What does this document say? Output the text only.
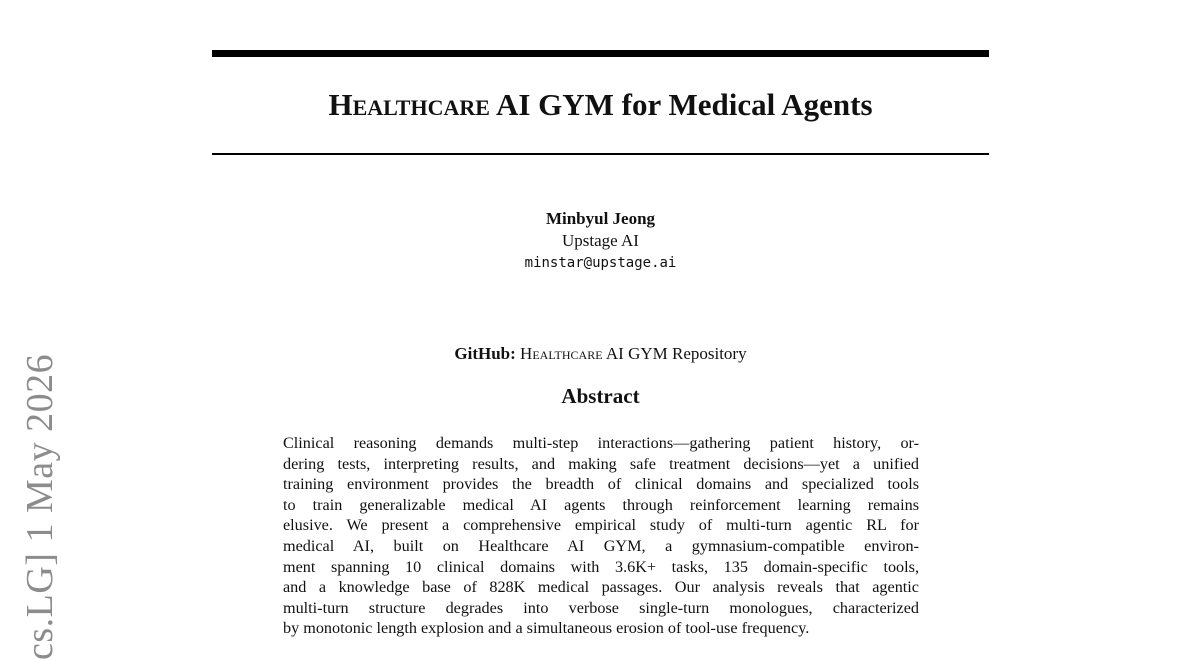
Healthcare AI GYM for Medical Agents
Minbyul Jeong
Upstage AI
minstar@upstage.ai
GitHub: Healthcare AI GYM Repository
Abstract
Clinical reasoning demands multi-step interactions—gathering patient history, or-
dering tests, interpreting results, and making safe treatment decisions—yet a unified
training environment provides the breadth of clinical domains and specialized tools
to train generalizable medical AI agents through reinforcement learning remains
elusive. We present a comprehensive empirical study of multi-turn agentic RL for
medical AI, built on Healthcare AI GYM, a gymnasium-compatible environ-
ment spanning 10 clinical domains with 3.6K+ tasks, 135 domain-specific tools,
and a knowledge base of 828K medical passages. Our analysis reveals that agentic
multi-turn structure degrades into verbose single-turn monologues, characterized
by monotonic length explosion and a simultaneous erosion of tool-use frequency.
cs.LG] 1 May 2026
